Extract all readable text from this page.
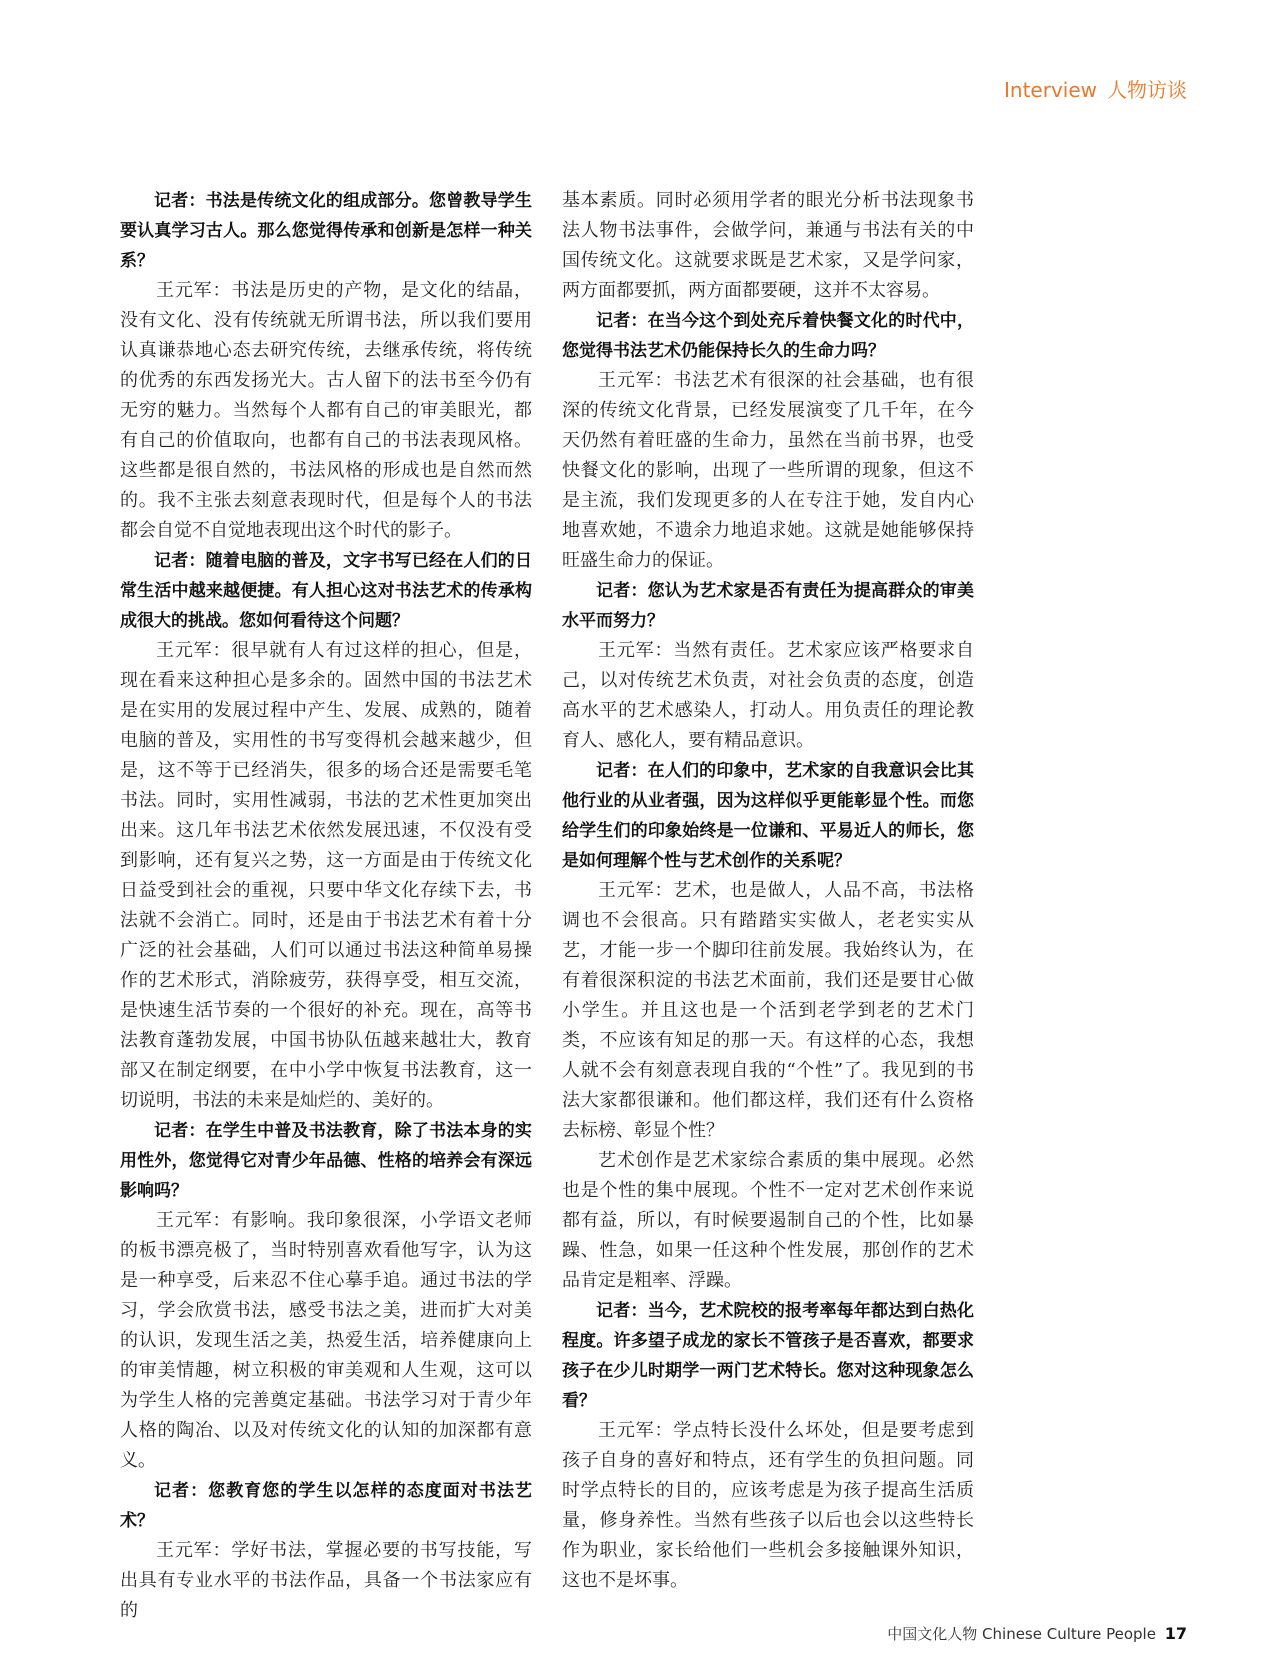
Interview 人物访谈

记者：书法是传统文化的组成部分。您曾教导学生要认真学习古人。那么您觉得传承和创新是怎样一种关系？

王元军：书法是历史的产物，是文化的结晶，没有文化、没有传统就无所谓书法，所以我们要用认真谦恭地心态去研究传统，去继承传统，将传统的优秀的东西发扬光大。古人留下的法书至今仍有无穷的魅力。当然每个人都有自己的审美眼光，都有自己的价值取向，也都有自己的书法表现风格。这些都是很自然的，书法风格的形成也是自然而然的。我不主张去刻意表现时代，但是每个人的书法都会自觉不自觉地表现出这个时代的影子。

记者：随着电脑的普及，文字书写已经在人们的日常生活中越来越便捷。有人担心这对书法艺术的传承构成很大的挑战。您如何看待这个问题？

王元军：很早就有人有过这样的担心，但是，现在看来这种担心是多余的。固然中国的书法艺术是在实用的发展过程中产生、发展、成熟的，随着电脑的普及，实用性的书写变得机会越来越少，但是，这不等于已经消失，很多的场合还是需要毛笔书法。同时，实用性减弱，书法的艺术性更加突出出来。这几年书法艺术依然发展迅速，不仅没有受到影响，还有复兴之势，这一方面是由于传统文化日益受到社会的重视，只要中华文化存续下去，书法就不会消亡。同时，还是由于书法艺术有着十分广泛的社会基础，人们可以通过书法这种简单易操作的艺术形式，消除疲劳，获得享受，相互交流，是快速生活节奏的一个很好的补充。现在，高等书法教育蓬勃发展，中国书协队伍越来越壮大，教育部又在制定纲要，在中小学中恢复书法教育，这一切说明，书法的未来是灿烂的、美好的。

记者：在学生中普及书法教育，除了书法本身的实用性外，您觉得它对青少年品德、性格的培养会有深远影响吗？

王元军：有影响。我印象很深，小学语文老师的板书漂亮极了，当时特别喜欢看他写字，认为这是一种享受，后来忍不住心摹手追。通过书法的学习，学会欣赏书法，感受书法之美，进而扩大对美的认识，发现生活之美，热爱生活，培养健康向上的审美情趣，树立积极的审美观和人生观，这可以为学生人格的完善奠定基础。书法学习对于青少年人格的陶冶、以及对传统文化的认知的加深都有意义。

记者：您教育您的学生以怎样的态度面对书法艺术？

王元军：学好书法，掌握必要的书写技能，写出具有专业水平的书法作品，具备一个书法家应有的

基本素质。同时必须用学者的眼光分析书法现象书法人物书法事件，会做学问，兼通与书法有关的中国传统文化。这就要求既是艺术家，又是学问家，两方面都要抓，两方面都要硬，这并不太容易。

记者：在当今这个到处充斥着快餐文化的时代中，您觉得书法艺术仍能保持长久的生命力吗？

王元军：书法艺术有很深的社会基础，也有很深的传统文化背景，已经发展演变了几千年，在今天仍然有着旺盛的生命力，虽然在当前书界，也受快餐文化的影响，出现了一些所谓的现象，但这不是主流，我们发现更多的人在专注于她，发自内心地喜欢她，不遗余力地追求她。这就是她能够保持旺盛生命力的保证。

记者：您认为艺术家是否有责任为提高群众的审美水平而努力？

王元军：当然有责任。艺术家应该严格要求自己，以对传统艺术负责，对社会负责的态度，创造高水平的艺术感染人，打动人。用负责任的理论教育人、感化人，要有精品意识。

记者：在人们的印象中，艺术家的自我意识会比其他行业的从业者强，因为这样似乎更能彰显个性。而您给学生们的印象始终是一位谦和、平易近人的师长，您是如何理解个性与艺术创作的关系呢？

王元军：艺术，也是做人，人品不高，书法格调也不会很高。只有踏踏实实做人，老老实实从艺，才能一步一个脚印往前发展。我始终认为，在有着很深积淀的书法艺术面前，我们还是要甘心做小学生。并且这也是一个活到老学到老的艺术门类，不应该有知足的那一天。有这样的心态，我想人就不会有刻意表现自我的“个性”了。我见到的书法大家都很谦和。他们都这样，我们还有什么资格去标榜、彰显个性？

艺术创作是艺术家综合素质的集中展现。必然也是个性的集中展现。个性不一定对艺术创作来说都有益，所以，有时候要遏制自己的个性，比如暴躁、性急，如果一任这种个性发展，那创作的艺术品肯定是粗率、浮躁。

记者：当今，艺术院校的报考率每年都达到白热化程度。许多望子成龙的家长不管孩子是否喜欢，都要求孩子在少儿时期学一两门艺术特长。您对这种现象怎么看？

王元军：学点特长没什么坏处，但是要考虑到孩子自身的喜好和特点，还有学生的负担问题。同时学点特长的目的，应该考虑是为孩子提高生活质量，修身养性。当然有些孩子以后也会以这些特长作为职业，家长给他们一些机会多接触课外知识，这也不是坏事。

中国文化人物 Chinese Culture People 17
